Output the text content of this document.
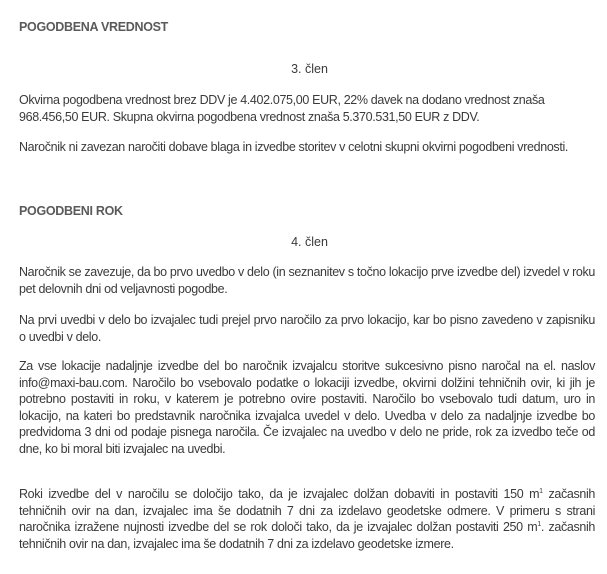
POGODBENA VREDNOST
3. člen
Okvirna pogodbena vrednost brez DDV je 4.402.075,00 EUR, 22% davek na dodano vrednost znaša 968.456,50 EUR. Skupna okvirna pogodbena vrednost znaša 5.370.531,50 EUR z DDV.
Naročnik ni zavezan naročiti dobave blaga in izvedbe storitev v celotni skupni okvirni pogodbeni vrednosti.
POGODBENI ROK
4. člen
Naročnik se zavezuje, da bo prvo uvedbo v delo (in seznanitev s točno lokacijo prve izvedbe del) izvedel v roku pet delovnih dni od veljavnosti pogodbe.
Na prvi uvedbi v delo bo izvajalec tudi prejel prvo naročilo za prvo lokacijo, kar bo pisno zavedeno v zapisniku o uvedbi v delo.
Za vse lokacije nadaljnje izvedbe del bo naročnik izvajalcu storitve sukcesivno pisno naročal na el. naslov info@maxi-bau.com. Naročilo bo vsebovalo podatke o lokaciji izvedbe, okvirni dolžini tehničnih ovir, ki jih je potrebno postaviti in roku, v katerem je potrebno ovire postaviti. Naročilo bo vsebovalo tudi datum, uro in lokacijo, na kateri bo predstavnik naročnika izvajalca uvedel v delo. Uvedba v delo za nadaljnje izvedbe bo predvidoma 3 dni od podaje pisnega naročila. Če izvajalec na uvedbo v delo ne pride, rok za izvedbo teče od dne, ko bi moral biti izvajalec na uvedbi.
Roki izvedbe del v naročilu se določijo tako, da je izvajalec dolžan dobaviti in postaviti 150 $m^1$ začasnih tehničnih ovir na dan, izvajalec ima še dodatnih 7 dni za izdelavo geodetske odmere. V primeru s strani naročnika izražene nujnosti izvedbe del se rok določi tako, da je izvajalec dolžan postaviti 250 $m^1$. začasnih tehničnih ovir na dan, izvajalec ima še dodatnih 7 dni za izdelavo geodetske izmere.
